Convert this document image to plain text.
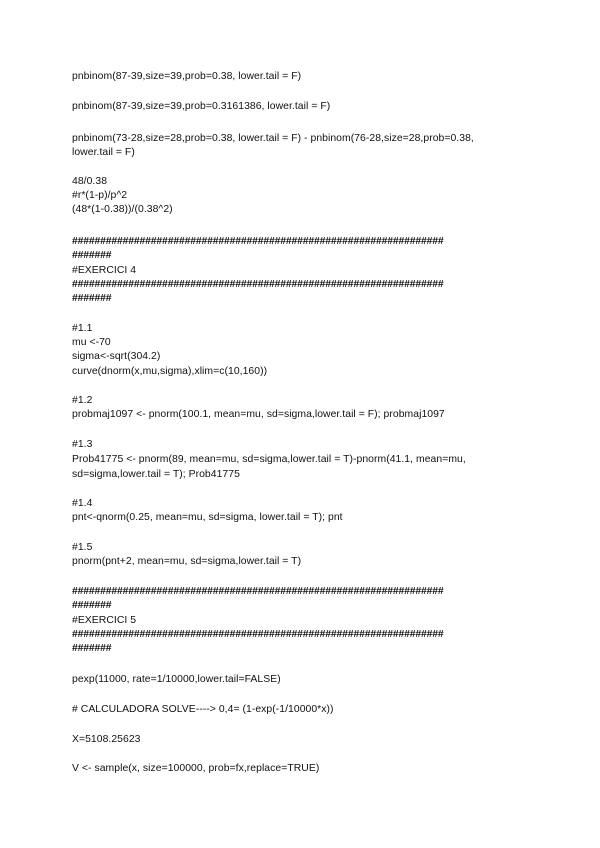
pnbinom(87-39,size=39,prob=0.38, lower.tail = F)

pnbinom(87-39,size=39,prob=0.3161386, lower.tail = F)

pnbinom(73-28,size=28,prob=0.38, lower.tail = F) - pnbinom(76-28,size=28,prob=0.38,

lower.tail = F)

48/0.38

#r*(1-p)/p^2

(48*(1-0.38))/(0.38^2)

##################################################################

#######

#EXERCICI 4

##################################################################

#######

#1.1

mu <-70

sigma<-sqrt(304.2)

curve(dnorm(x,mu,sigma),xlim=c(10,160))

#1.2

probmaj1097 <- pnorm(100.1, mean=mu, sd=sigma,lower.tail = F); probmaj1097

#1.3

Prob41775 <- pnorm(89, mean=mu, sd=sigma,lower.tail = T)-pnorm(41.1, mean=mu,

sd=sigma,lower.tail = T); Prob41775

#1.4

pnt<-qnorm(0.25, mean=mu, sd=sigma, lower.tail = T); pnt

#1.5

pnorm(pnt+2, mean=mu, sd=sigma,lower.tail = T)

##################################################################

#######

#EXERCICI 5

##################################################################

#######

pexp(11000, rate=1/10000,lower.tail=FALSE)

# CALCULADORA SOLVE----> 0,4= (1-exp(-1/10000*x))

X=5108.25623

V <- sample(x, size=100000, prob=fx,replace=TRUE)
